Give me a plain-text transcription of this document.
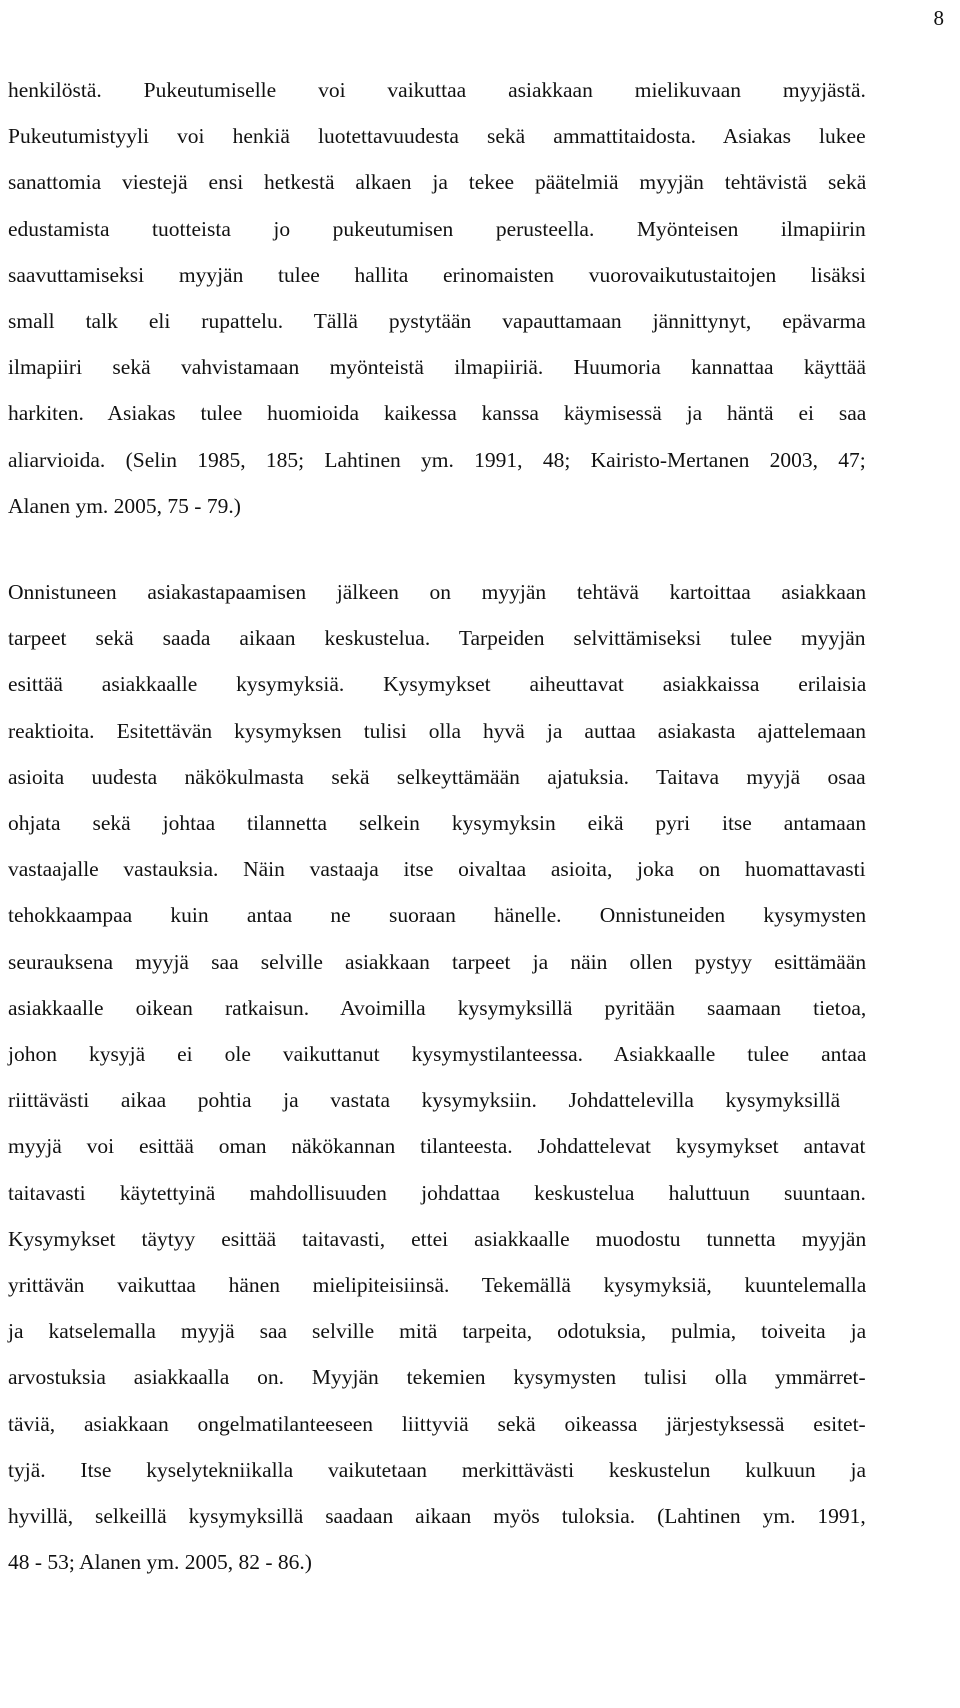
8
henkilöstä. Pukeutumiselle voi vaikuttaa asiakkaan mielikuvaan myyjästä.
Pukeutumistyyli voi henkiä luotettavuudesta sekä ammattitaidosta. Asiakas lukee
sanattomia viestejä ensi hetkestä alkaen ja tekee päätelmiä myyjän tehtävistä sekä
edustamista tuotteista jo pukeutumisen perusteella. Myönteisen ilmapiirin
saavuttamiseksi myyjän tulee hallita erinomaisten vuorovaikutustaitojen lisäksi
small talk eli rupattelu. Tällä pystytään vapauttamaan jännittynyt, epävarma
ilmapiiri sekä vahvistamaan myönteistä ilmapiiriä. Huumoria kannattaa käyttää
harkiten. Asiakas tulee huomioida kaikessa kanssa käymisessä ja häntä ei saa
aliarvioida. (Selin 1985, 185; Lahtinen ym. 1991, 48; Kairisto-Mertanen 2003, 47;
Alanen ym. 2005, 75 - 79.)
Onnistuneen asiakastapaamisen jälkeen on myyjän tehtävä kartoittaa asiakkaan
tarpeet sekä saada aikaan keskustelua. Tarpeiden selvittämiseksi tulee myyjän
esittää asiakkaalle kysymyksiä. Kysymykset aiheuttavat asiakkaissa erilaisia
reaktioita. Esitettävän kysymyksen tulisi olla hyvä ja auttaa asiakasta ajattelemaan
asioita uudesta näkökulmasta sekä selkeyttämään ajatuksia. Taitava myyjä osaa
ohjata sekä johtaa tilannetta selkein kysymyksin eikä pyri itse antamaan
vastaajalle vastauksia. Näin vastaaja itse oivaltaa asioita, joka on huomattavasti
tehokkaampaa kuin antaa ne suoraan hänelle. Onnistuneiden kysymysten
seurauksena myyjä saa selville asiakkaan tarpeet ja näin ollen pystyy esittämään
asiakkaalle oikean ratkaisun. Avoimilla kysymyksillä pyritään saamaan tietoa,
johon kysyjä ei ole vaikuttanut kysymystilanteessa. Asiakkaalle tulee antaa
riittävästi aikaa pohtia ja vastata kysymyksiin. Johdattelevilla kysymyksillä
myyjä voi esittää oman näkökannan tilanteesta. Johdattelevat kysymykset antavat
taitavasti käytettyinä mahdollisuuden johdattaa keskustelua haluttuun suuntaan.
Kysymykset täytyy esittää taitavasti, ettei asiakkaalle muodostu tunnetta myyjän
yrittävän vaikuttaa hänen mielipiteisiinsä. Tekemällä kysymyksiä, kuuntelemalla
ja katselemalla myyjä saa selville mitä tarpeita, odotuksia, pulmia, toiveita ja
arvostuksia asiakkaalla on. Myyjän tekemien kysymysten tulisi olla ymmärret-
täviä, asiakkaan ongelmatilanteeseen liittyviä sekä oikeassa järjestyksessä esitet-
tyjä. Itse kyselytekniikalla vaikutetaan merkittävästi keskustelun kulkuun ja
hyvillä, selkeillä kysymyksillä saadaan aikaan myös tuloksia. (Lahtinen ym. 1991,
48 - 53; Alanen ym. 2005, 82 - 86.)
